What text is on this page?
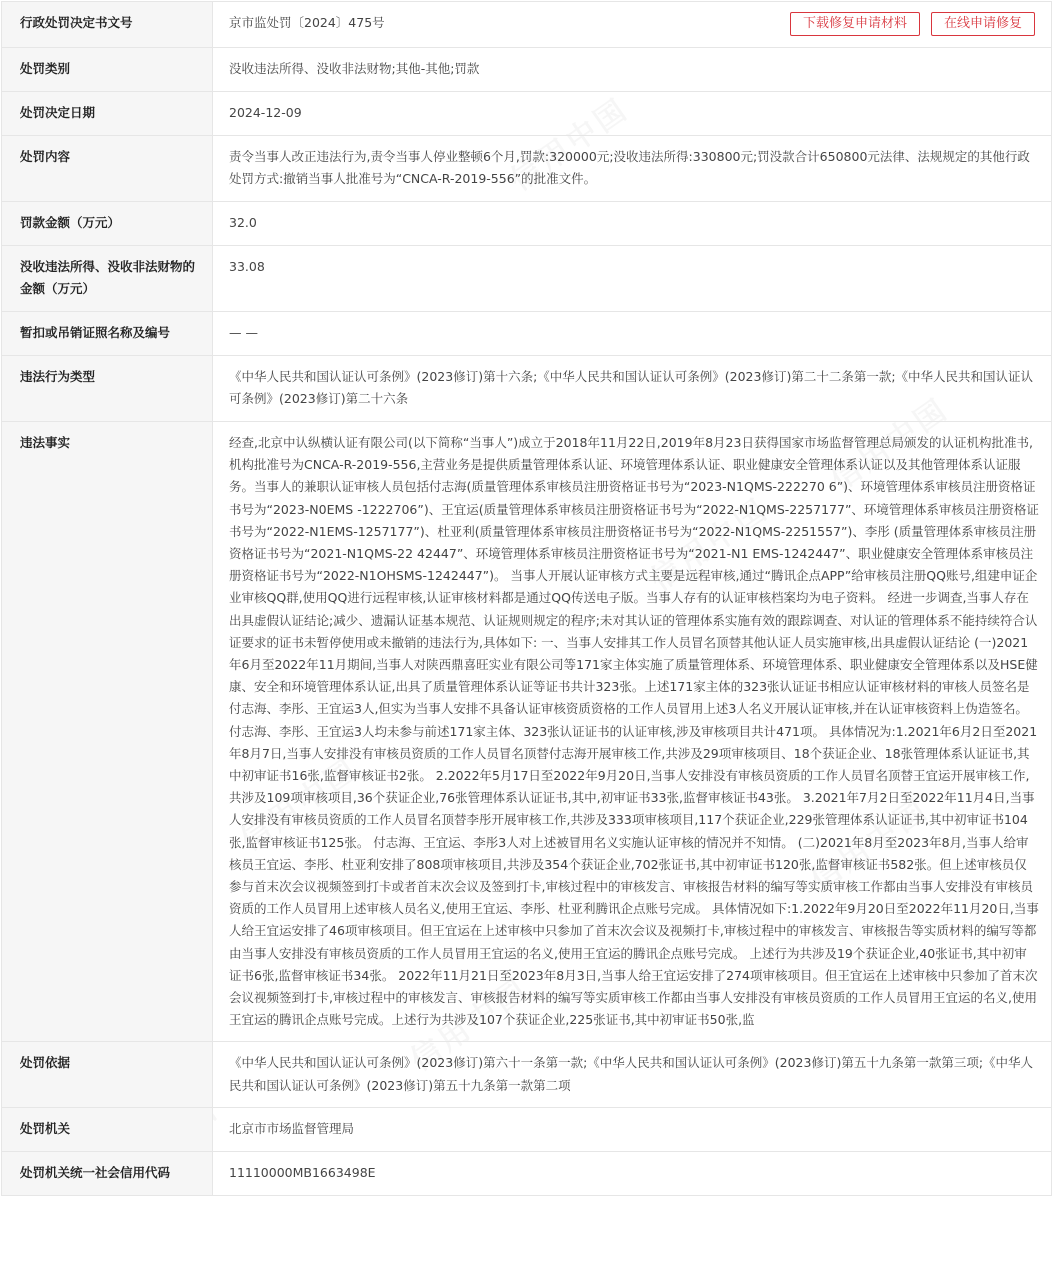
行政处罚决定书文号	京市监处罚〔2024〕475号
处罚类别	没收违法所得、没收非法财物;其他-其他;罚款
处罚决定日期	2024-12-09
处罚内容	责令当事人改正违法行为,责令当事人停业整顿6个月,罚款:320000元;没收违法所得:330800元;罚没款合计650800元法律、法规规定的其他行政处罚方式:撤销当事人批准号为“CNCA-R-2019-556”的批准文件。
罚款金额（万元）	32.0
没收违法所得、没收非法财物的金额（万元）	33.08
暂扣或吊销证照名称及编号	— —
违法行为类型	《中华人民共和国认证认可条例》(2023修订)第十六条;《中华人民共和国认证认可条例》(2023修订)第二十二条第一款;《中华人民共和国认证认可条例》(2023修订)第二十六条
违法事实	经查,北京中认纵横认证有限公司(以下简称“当事人”)成立于2018年11月22日,2019年8月23日获得国家市场监督管理总局颁发的认证机构批准书,机构批准号为CNCA-R-2019-556,主营业务是提供质量管理体系认证、环境管理体系认证、职业健康安全管理体系认证以及其他管理体系认证服务。当事人的兼职认证审核人员包括付志海(质量管理体系审核员注册资格证书号为“2023-N1QMS-222270 6”)、环境管理体系审核员注册资格证书号为“2023-N0EMS -1222706”)、王宜运(质量管理体系审核员注册资格证书号为“2022-N1QMS-2257177”、环境管理体系审核员注册资格证书号为“2022-N1EMS-1257177”)、杜亚利(质量管理体系审核员注册资格证书号为“2022-N1QMS-2251557”)、李彤 (质量管理体系审核员注册资格证书号为“2021-N1QMS-22 42447”、环境管理体系审核员注册资格证书号为“2021-N1 EMS-1242447”、职业健康安全管理体系审核员注册资格证书号为“2022-N1OHSMS-1242447”)。 当事人开展认证审核方式主要是远程审核,通过“腾讯企点APP”给审核员注册QQ账号,组建申证企业审核QQ群,使用QQ进行远程审核,认证审核材料都是通过QQ传送电子版。当事人存有的认证审核档案均为电子资料。 经进一步调查,当事人存在出具虚假认证结论;减少、遗漏认证基本规范、认证规则规定的程序;未对其认证的管理体系实施有效的跟踪调查、对认证的管理体系不能持续符合认证要求的证书未暂停使用或未撤销的违法行为,具体如下: 一、当事人安排其工作人员冒名顶替其他认证人员实施审核,出具虚假认证结论 (一)2021年6月至2022年11月期间,当事人对陕西鼎喜旺实业有限公司等171家主体实施了质量管理体系、环境管理体系、职业健康安全管理体系以及HSE健康、安全和环境管理体系认证,出具了质量管理体系认证等证书共计323张。上述171家主体的323张认证证书相应认证审核材料的审核人员签名是付志海、李彤、王宜运3人,但实为当事人安排不具备认证审核资质资格的工作人员冒用上述3人名义开展认证审核,并在认证审核资料上伪造签名。付志海、李彤、王宜运3人均未参与前述171家主体、323张认证证书的认证审核,涉及审核项目共计471项。 具体情况为:1.2021年6月2日至2021年8月7日,当事人安排没有审核员资质的工作人员冒名顶替付志海开展审核工作,共涉及29项审核项目、18个获证企业、18张管理体系认证证书,其中初审证书16张,监督审核证书2张。 2.2022年5月17日至2022年9月20日,当事人安排没有审核员资质的工作人员冒名顶替王宜运开展审核工作,共涉及109项审核项目,36个获证企业,76张管理体系认证证书,其中,初审证书33张,监督审核证书43张。 3.2021年7月2日至2022年11月4日,当事人安排没有审核员资质的工作人员冒名顶替李彤开展审核工作,共涉及333项审核项目,117个获证企业,229张管理体系认证证书,其中初审证书104张,监督审核证书125张。 付志海、王宜运、李彤3人对上述被冒用名义实施认证审核的情况并不知情。 (二)2021年8月至2023年8月,当事人给审核员王宜运、李彤、杜亚利安排了808项审核项目,共涉及354个获证企业,702张证书,其中初审证书120张,监督审核证书582张。但上述审核员仅参与首末次会议视频签到打卡或者首末次会议及签到打卡,审核过程中的审核发言、审核报告材料的编写等实质审核工作都由当事人安排没有审核员资质的工作人员冒用上述审核人员名义,使用王宜运、李彤、杜亚利腾讯企点账号完成。 具体情况如下:1.2022年9月20日至2022年11月20日,当事人给王宜运安排了46项审核项目。但王宜运在上述审核中只参加了首末次会议及视频打卡,审核过程中的审核发言、审核报告等实质材料的编写等都由当事人安排没有审核员资质的工作人员冒用王宜运的名义,使用王宜运的腾讯企点账号完成。 上述行为共涉及19个获证企业,40张证书,其中初审证书6张,监督审核证书34张。 2022年11月21日至2023年8月3日,当事人给王宜运安排了274项审核项目。但王宜运在上述审核中只参加了首末次会议视频签到打卡,审核过程中的审核发言、审核报告材料的编写等实质审核工作都由当事人安排没有审核员资质的工作人员冒用王宜运的名义,使用王宜运的腾讯企点账号完成。上述行为共涉及107个获证企业,225张证书,其中初审证书50张,监
处罚依据	《中华人民共和国认证认可条例》(2023修订)第六十一条第一款;《中华人民共和国认证认可条例》(2023修订)第五十九条第一款第三项;《中华人民共和国认证认可条例》(2023修订)第五十九条第一款第二项
处罚机关	北京市市场监督管理局
处罚机关统一社会信用代码	11110000MB1663498E
下载修复申请材料	在线申请修复
